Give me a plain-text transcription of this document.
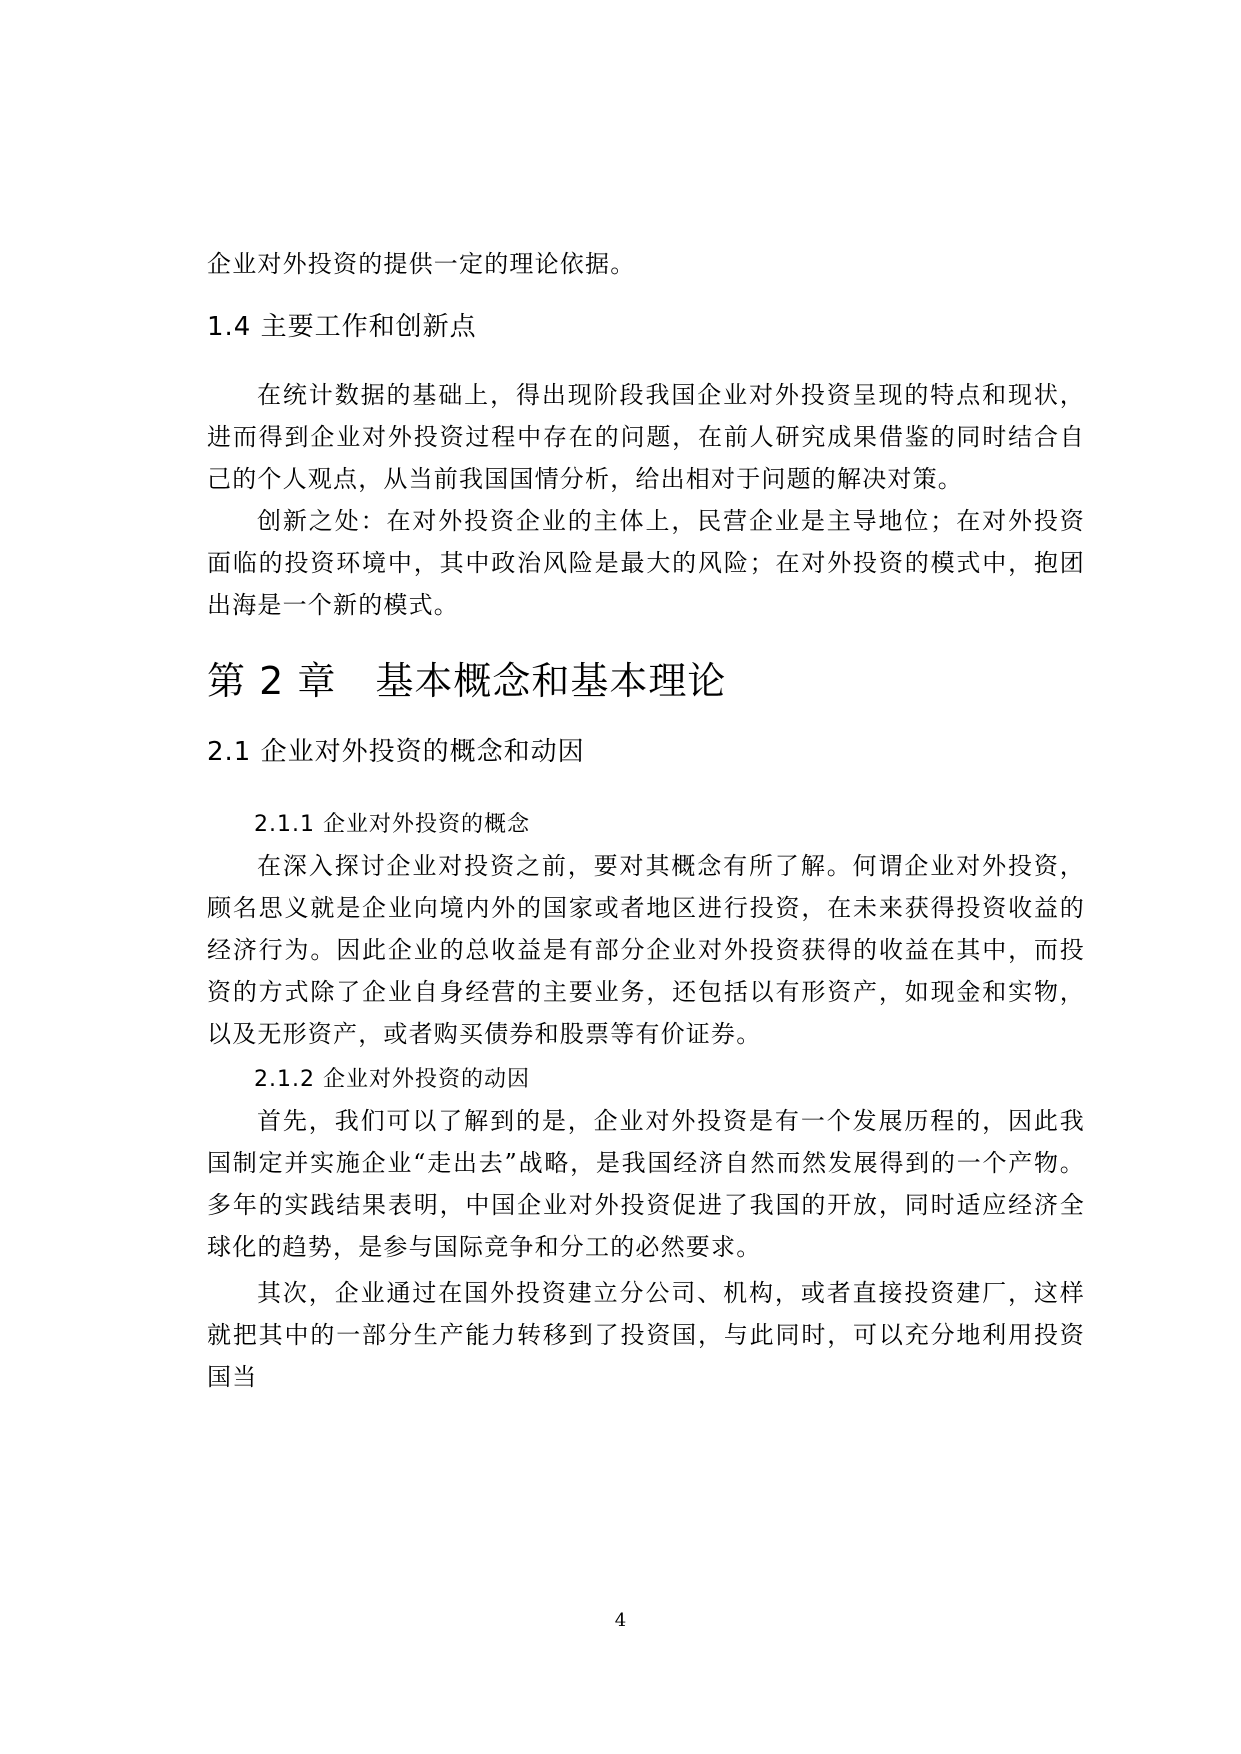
企业对外投资的提供一定的理论依据。

1.4 主要工作和创新点

在统计数据的基础上，得出现阶段我国企业对外投资呈现的特点和现状，进而得到企业对外投资过程中存在的问题，在前人研究成果借鉴的同时结合自己的个人观点，从当前我国国情分析，给出相对于问题的解决对策。

创新之处：在对外投资企业的主体上，民营企业是主导地位；在对外投资面临的投资环境中，其中政治风险是最大的风险；在对外投资的模式中，抱团出海是一个新的模式。

第 2 章　基本概念和基本理论
2.1 企业对外投资的概念和动因
2.1.1 企业对外投资的概念

在深入探讨企业对投资之前，要对其概念有所了解。何谓企业对外投资，顾名思义就是企业向境内外的国家或者地区进行投资，在未来获得投资收益的经济行为。因此企业的总收益是有部分企业对外投资获得的收益在其中，而投资的方式除了企业自身经营的主要业务，还包括以有形资产，如现金和实物，以及无形资产，或者购买债券和股票等有价证券。

2.1.2 企业对外投资的动因

首先，我们可以了解到的是，企业对外投资是有一个发展历程的，因此我国制定并实施企业“走出去”战略，是我国经济自然而然发展得到的一个产物。多年的实践结果表明，中国企业对外投资促进了我国的开放，同时适应经济全球化的趋势，是参与国际竞争和分工的必然要求。

其次，企业通过在国外投资建立分公司、机构，或者直接投资建厂，这样就把其中的一部分生产能力转移到了投资国，与此同时，可以充分地利用投资国当

4
